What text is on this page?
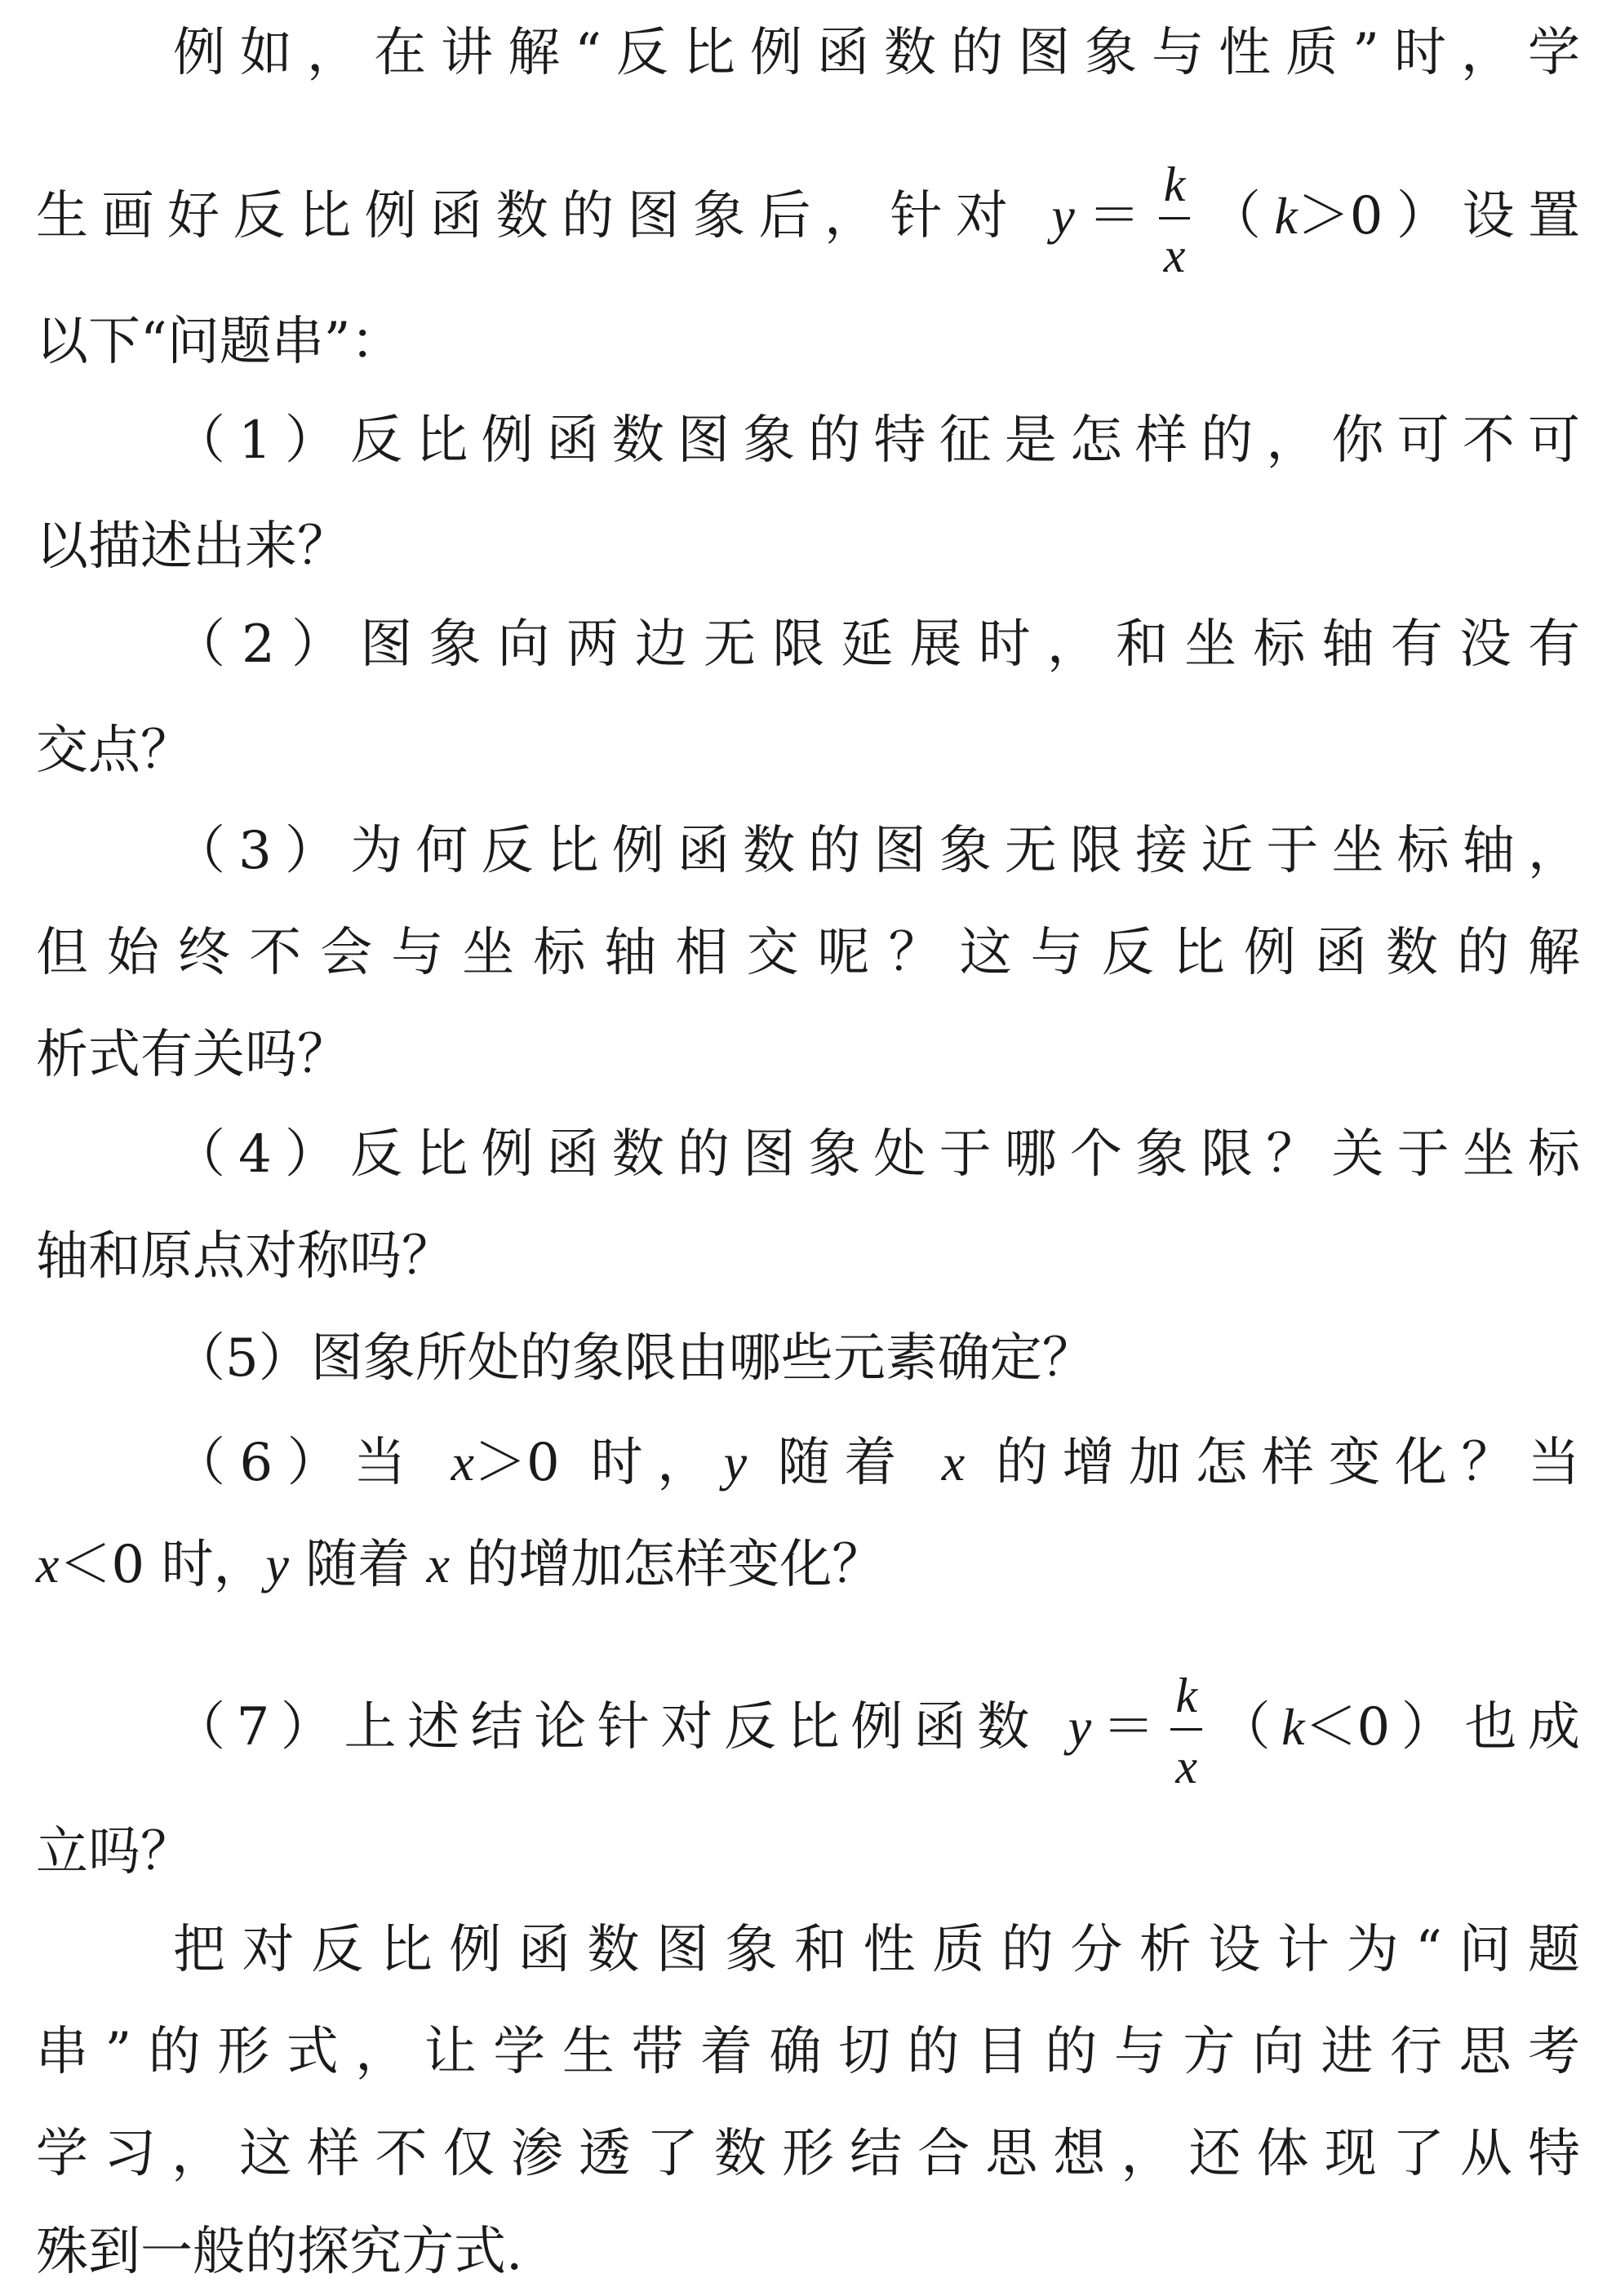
例如，在讲解“反比例函数的图象与性质”时，学
生画好反比例函数的图象后，针对 $y= \frac{k}{x} (k>0)$设置
以下“问题串”：
（1）反比例函数图象的特征是怎样的，你可不可
以描述出来？
（2）图象向两边无限延展时，和坐标轴有没有
交点？
（3）为何反比例函数的图象无限接近于坐标轴，
但始终不会与坐标轴相交呢？这与反比例函数的解
析式有关吗？
（4）反比例函数的图象处于哪个象限？关于坐标
轴和原点对称吗？
（5）图象所处的象限由哪些元素确定？
（6）当 x＞0 时，y 随着 x 的增加怎样变化？当
x＜0 时，y 随着 x 的增加怎样变化？
（7）上述结论针对反比例函数 $y= \frac{k}{x} (k<0)$也成
立吗？
把对反比例函数图象和性质的分析设计为“问题
串”的形式，让学生带着确切的目的与方向进行思考
学习，这样不仅渗透了数形结合思想，还体现了从特
殊到一般的探究方式.
